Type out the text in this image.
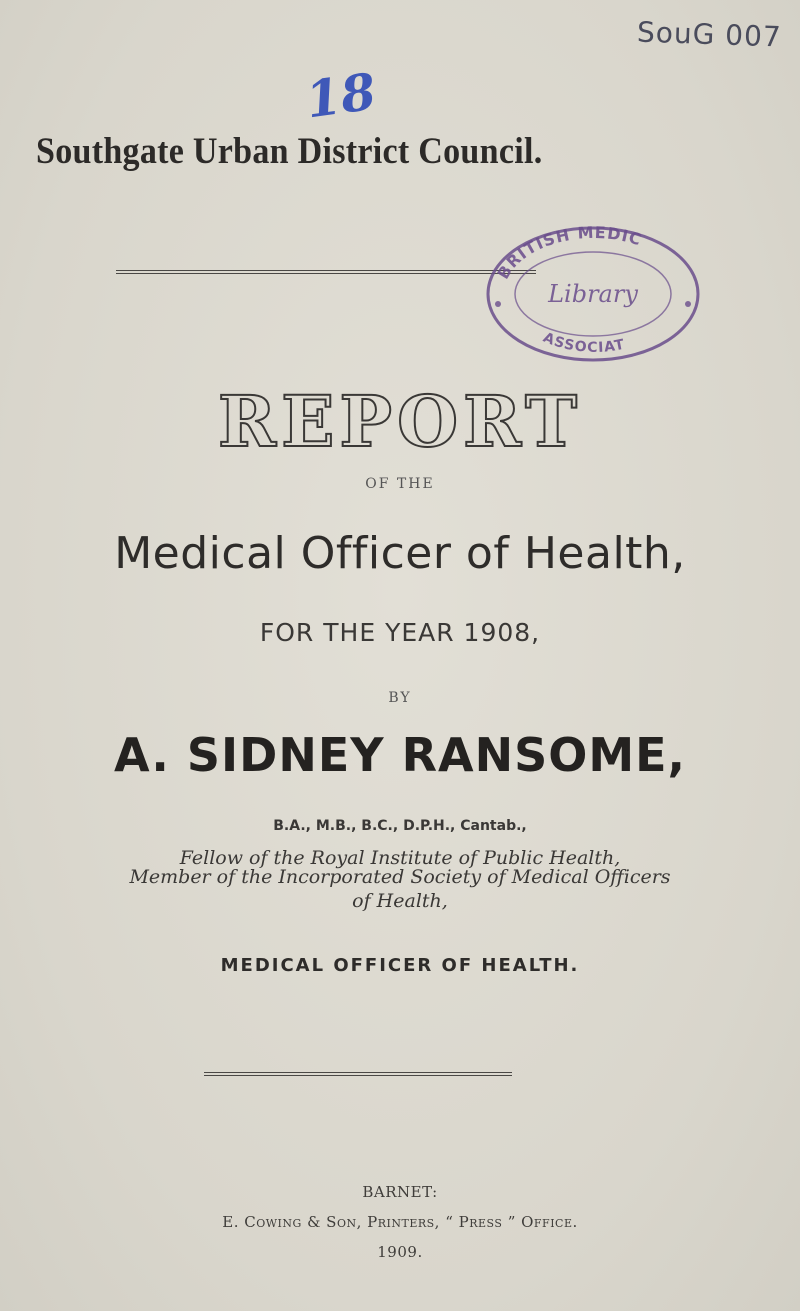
SouG 007
18
Southgate Urban District Council.
BRITISH MEDIC
Library
ASSOCIAT
REPORT
OF THE
Medical Officer of Health,
FOR THE YEAR 1908,
BY
A. SIDNEY RANSOME,
B.A., M.B., B.C., D.P.H., Cantab.,
Fellow of the Royal Institute of Public Health,
Member of the Incorporated Society of Medical Officers
of Health,
MEDICAL OFFICER OF HEALTH.
BARNET:
E. Cowing & Son, Printers, “ Press ” Office.
1909.
